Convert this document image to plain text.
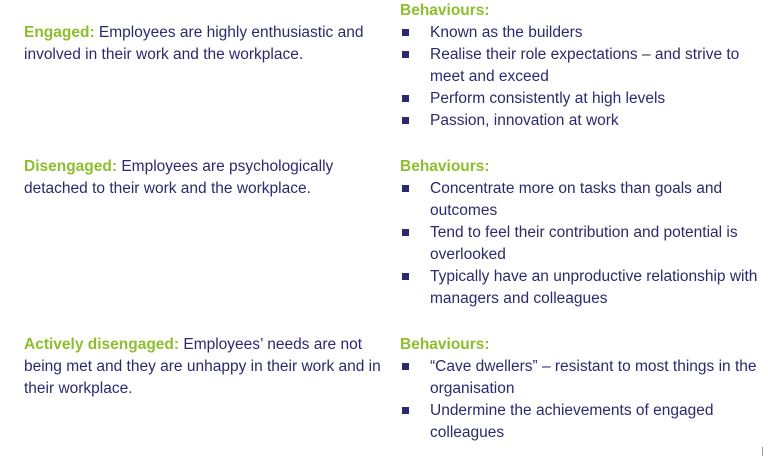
Engaged: Employees are highly enthusiastic and involved in their work and the workplace.
Behaviours:
Known as the builders
Realise their role expectations – and strive to meet and exceed
Perform consistently at high levels
Passion, innovation at work
Disengaged: Employees are psychologically detached to their work and the workplace.
Behaviours:
Concentrate more on tasks than goals and outcomes
Tend to feel their contribution and potential is overlooked
Typically have an unproductive relationship with managers and colleagues
Actively disengaged: Employees’ needs are not being met and they are unhappy in their work and in their workplace.
Behaviours:
“Cave dwellers” – resistant to most things in the organisation
Undermine the achievements of engaged colleagues
